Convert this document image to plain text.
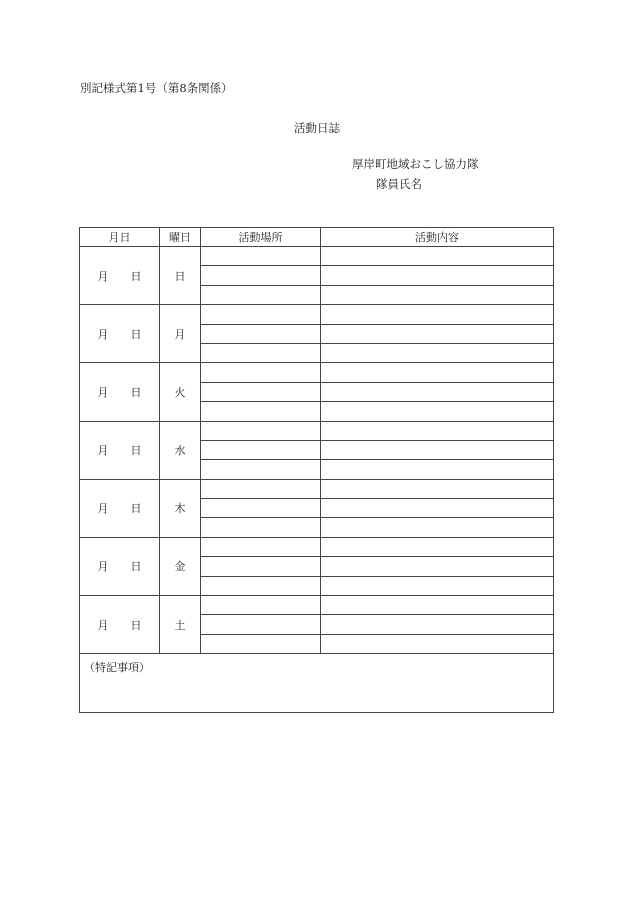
別記様式第1号（第8条関係）
活動日誌
厚岸町地域おこし協力隊
隊員氏名
月日	曜日	活動場所	活動内容
月 日	日		

月 日	月		

月 日	火		

月 日	水		

月 日	木		

月 日	金		

月 日	土		

（特記事項）			
